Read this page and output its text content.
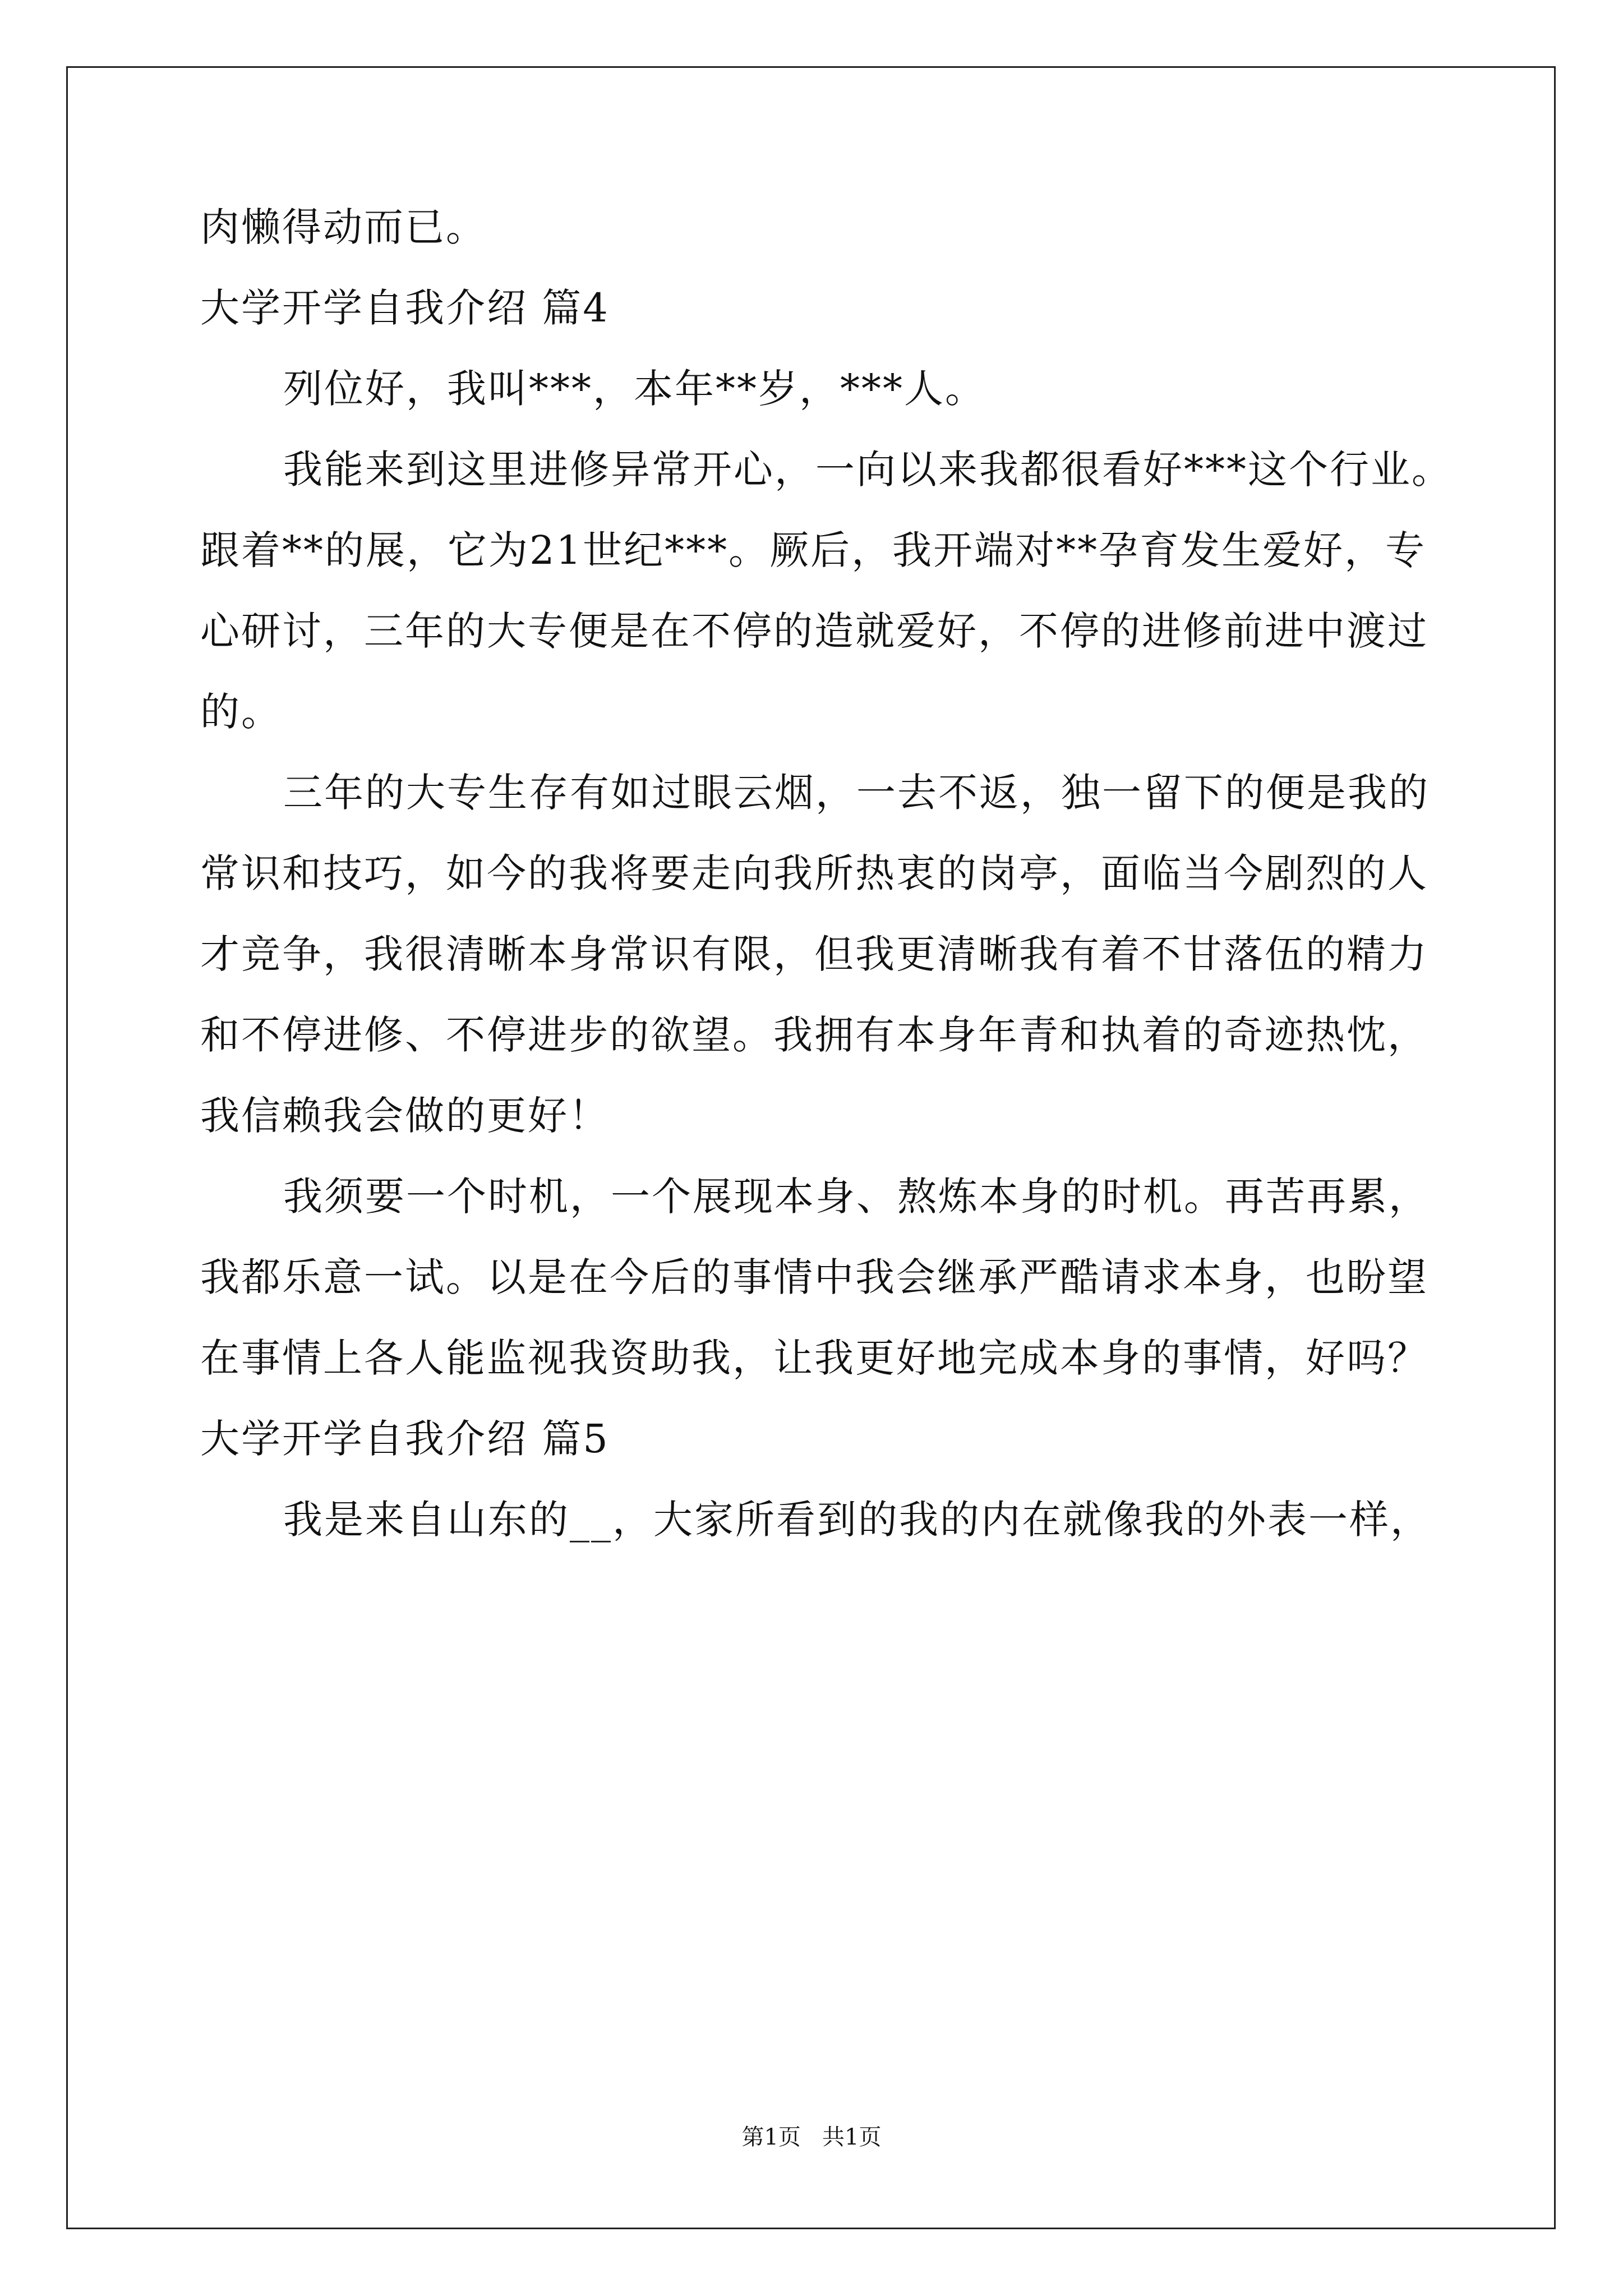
肉懒得动而已。
大学开学自我介绍 篇4
列位好，我叫***，本年**岁，***人。
我能来到这里进修异常开心，一向以来我都很看好***这个行业。
跟着**的展，它为21世纪***。厥后，我开端对**孕育发生爱好，专
心研讨，三年的大专便是在不停的造就爱好，不停的进修前进中渡过
的。
三年的大专生存有如过眼云烟，一去不返，独一留下的便是我的
常识和技巧，如今的我将要走向我所热衷的岗亭，面临当今剧烈的人
才竞争，我很清晰本身常识有限，但我更清晰我有着不甘落伍的精力
和不停进修、不停进步的欲望。我拥有本身年青和执着的奇迹热忱，
我信赖我会做的更好！
我须要一个时机，一个展现本身、熬炼本身的时机。再苦再累，
我都乐意一试。以是在今后的事情中我会继承严酷请求本身，也盼望
在事情上各人能监视我资助我，让我更好地完成本身的事情，好吗？
大学开学自我介绍 篇5
我是来自山东的__，大家所看到的我的内在就像我的外表一样，
第1页   共1页
